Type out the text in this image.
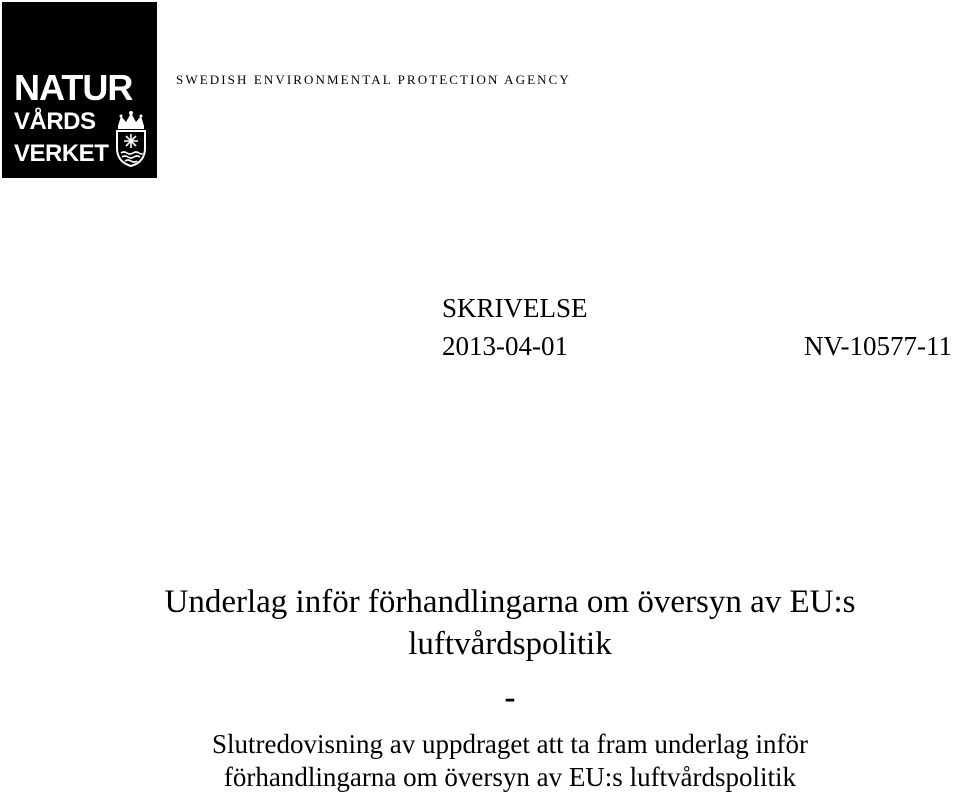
NATUR
VÅRDS
VERKET
SWEDISH ENVIRONMENTAL PROTECTION AGENCY
SKRIVELSE
2013-04-01	NV-10577-11
Underlag inför förhandlingarna om översyn av EU:s
luftvårdspolitik
-
Slutredovisning av uppdraget att ta fram underlag inför
förhandlingarna om översyn av EU:s luftvårdspolitik
